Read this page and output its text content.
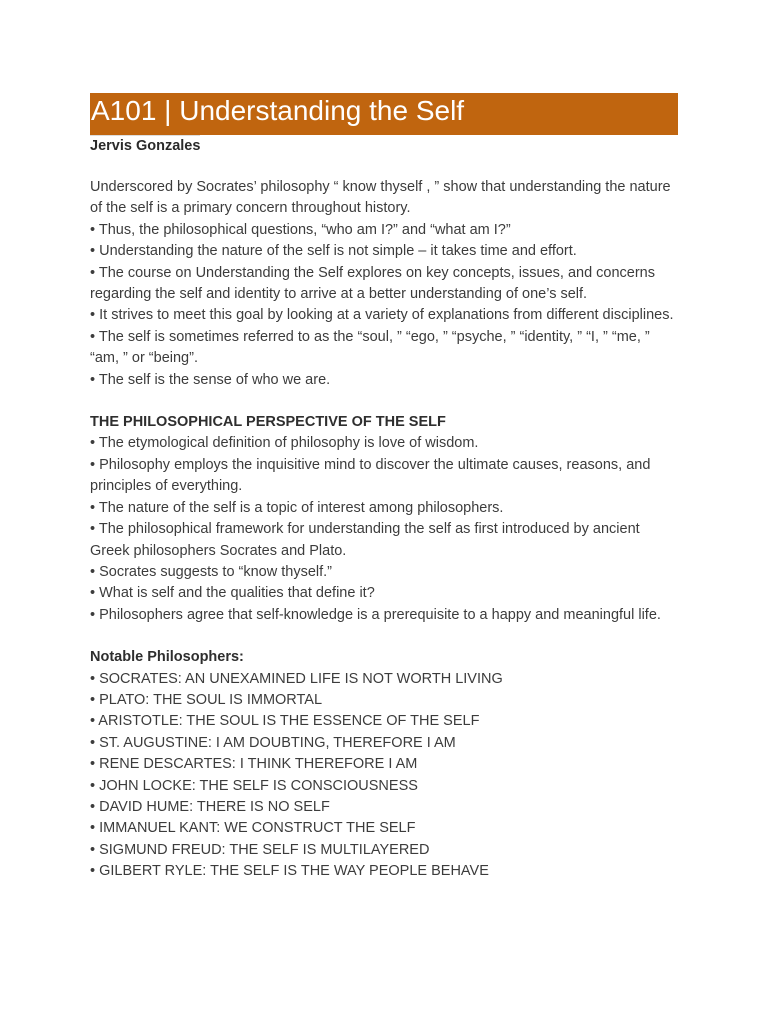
A101 | Understanding the Self
Jervis Gonzales
Underscored by Socrates’ philosophy “ know thyself , ” show that understanding the nature of the self is a primary concern throughout history.
• Thus, the philosophical questions, “who am I?” and “what am I?”
• Understanding the nature of the self is not simple – it takes time and effort.
• The course on Understanding the Self explores on key concepts, issues, and concerns regarding the self and identity to arrive at a better understanding of one’s self.
• It strives to meet this goal by looking at a variety of explanations from different disciplines.
• The self is sometimes referred to as the “soul, ” “ego, ” “psyche, ” “identity, ” “I, ” “me, ” “am, ” or “being”.
• The self is the sense of who we are.
THE PHILOSOPHICAL PERSPECTIVE OF THE SELF
• The etymological definition of philosophy is love of wisdom.
• Philosophy employs the inquisitive mind to discover the ultimate causes, reasons, and principles of everything.
• The nature of the self is a topic of interest among philosophers.
• The philosophical framework for understanding the self as first introduced by ancient Greek philosophers Socrates and Plato.
• Socrates suggests to “know thyself.”
• What is self and the qualities that define it?
• Philosophers agree that self-knowledge is a prerequisite to a happy and meaningful life.
Notable Philosophers:
• SOCRATES: AN UNEXAMINED LIFE IS NOT WORTH LIVING
• PLATO: THE SOUL IS IMMORTAL
• ARISTOTLE: THE SOUL IS THE ESSENCE OF THE SELF
• ST. AUGUSTINE: I AM DOUBTING, THEREFORE I AM
• RENE DESCARTES: I THINK THEREFORE I AM
• JOHN LOCKE: THE SELF IS CONSCIOUSNESS
• DAVID HUME: THERE IS NO SELF
• IMMANUEL KANT: WE CONSTRUCT THE SELF
• SIGMUND FREUD: THE SELF IS MULTILAYERED
• GILBERT RYLE: THE SELF IS THE WAY PEOPLE BEHAVE
